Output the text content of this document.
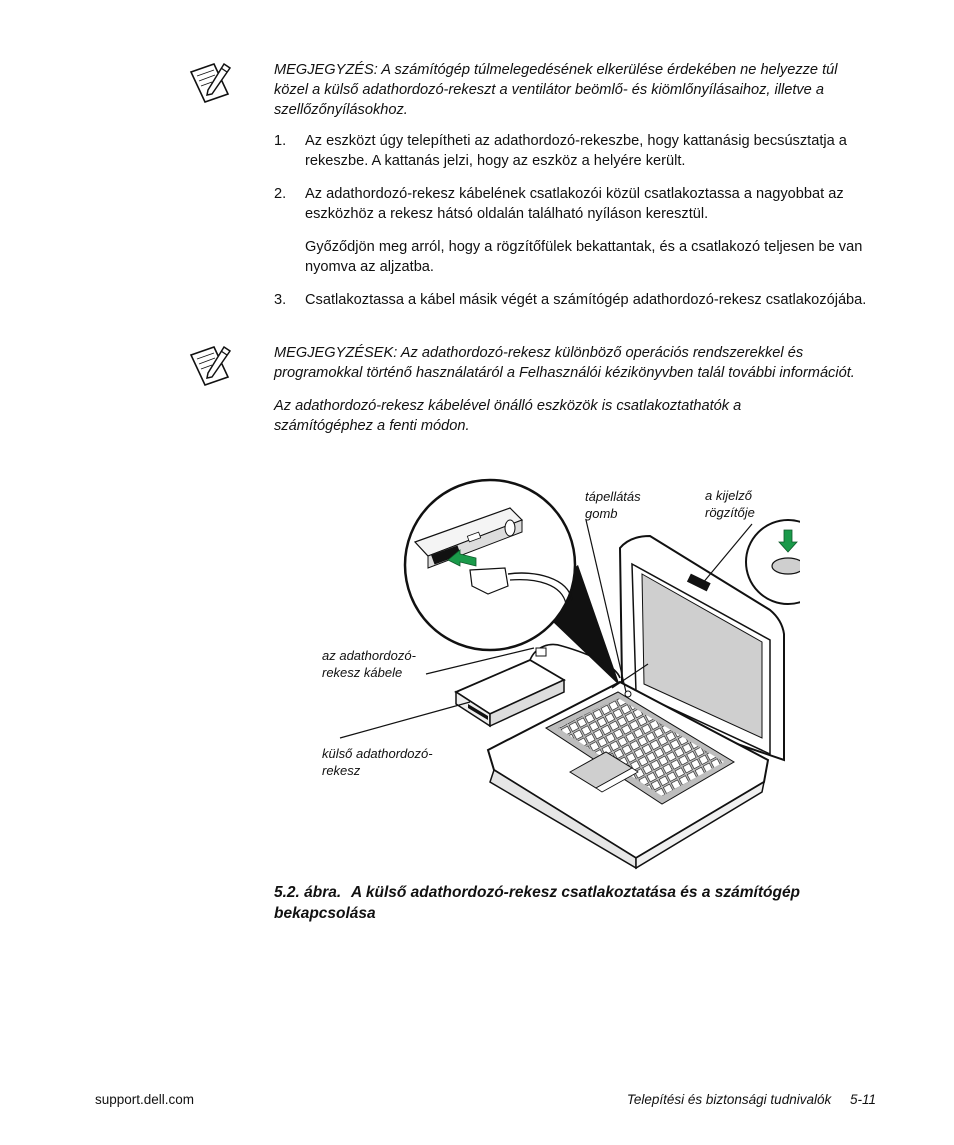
MEGJEGYZÉS: A számítógép túlmelegedésének elkerülése érdekében ne helyezze túl közel a külső adathordozó-rekeszt a ventilátor beömlő- és kiömlőnyílásaihoz, illetve a szellőzőnyílásokhoz.

1. Az eszközt úgy telepítheti az adathordozó-rekeszbe, hogy kattanásig becsúsztatja a rekeszbe. A kattanás jelzi, hogy az eszköz a helyére került.

2. Az adathordozó-rekesz kábelének csatlakozói közül csatlakoztassa a nagyobbat az eszközhöz a rekesz hátsó oldalán található nyíláson keresztül.

Győződjön meg arról, hogy a rögzítőfülek bekattantak, és a csatlakozó teljesen be van nyomva az aljzatba.

3. Csatlakoztassa a kábel másik végét a számítógép adathordozó-rekesz csatlakozójába.

MEGJEGYZÉSEK: Az adathordozó-rekesz különböző operációs rendszerekkel és programokkal történő használatáról a Felhasználói kézikönyvben talál további információt.

Az adathordozó-rekesz kábelével önálló eszközök is csatlakoztathatók a számítógéphez a fenti módon.

tápellátás gomb
a kijelző rögzítője
az adathordozó-rekesz kábele
külső adathordozó-rekesz
5.2. ábra. A külső adathordozó-rekesz csatlakoztatása és a számítógép bekapcsolása
support.dell.com	Telepítési és biztonsági tudnivalók     5-11
